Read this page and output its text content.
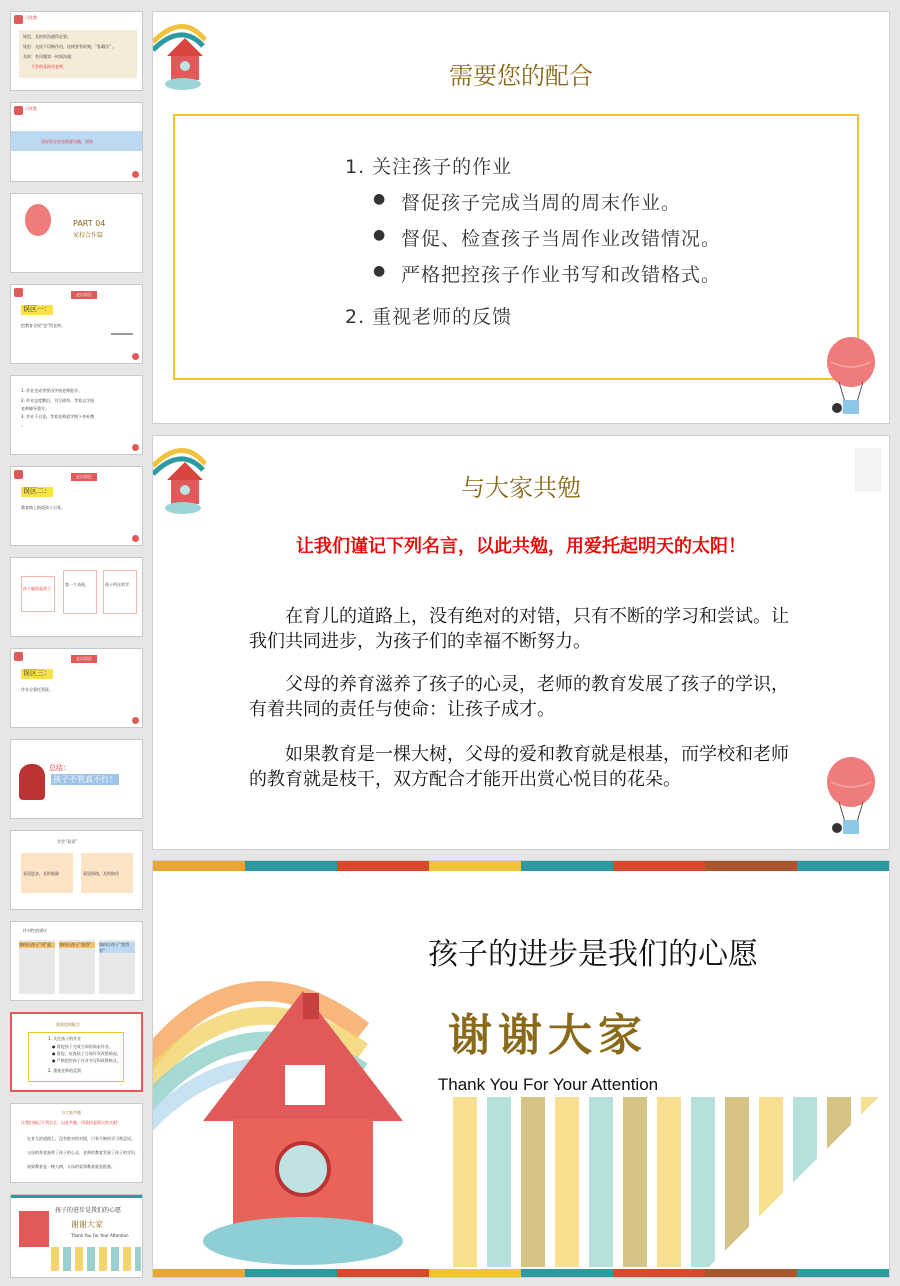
习优教
规范，及时的沟通得必要。
规范：交流不切断作用，连续要有时刻，”私聊法” 。
及时：有问题第一时间沟通；
不会的及时问老师。
习优教
再好的方法也需要实践，坚持
PART 04
家校合作篇
走出误区
误区一：
把教育全权“包”给老师。
1. 作业完成等要由学校老师批评。
2. 作业态度敷衍，书写潦草，等着去学校
老师辅导重写。
3. 作业不自觉，等着老师追学窗下来补缴
。
走出误区
误区二：
教育路上指望孩子自觉。
孩子偏误是孩子
第一个表现，	孩子所在的学
走出误区
误区三：
作业全靠托管班。
总结：
孩子不管真不行！
学会“看见”
看见进步，及时鼓励	看见情绪，及时陪伴
针对性的建议
如何让孩子“动”起	如何让孩子“变得”	如何让孩子“变得有”
需要您的配合
1. 关注孩子的作业
● 督促孩子完成当周的周末作业。
● 督促、检查孩子当周作业改错情况。
● 严格把控孩子作业书写和改错格式。
2. 重视老师的反馈
与大家共勉
让我们谨记下列名言，以此共勉，用爱托起明天的太阳！
在育儿的道路上，没有绝对的对错，只有不断的学习和尝试。
父母的养育滋养了孩子的心灵，老师的教育发展了孩子的学识。
如果教育是一棵大树，父母的爱和教育就是根基。
孩子的进步是我们的心愿
谢谢大家
Thank You For Your Attention
需要您的配合
1. 关注孩子的作业
● 督促孩子完成当周的周末作业。
● 督促、检查孩子当周作业改错情况。
● 严格把控孩子作业书写和改错格式。
2. 重视老师的反馈
与大家共勉
让我们谨记下列名言，以此共勉，用爱托起明天的太阳！
在育儿的道路上，没有绝对的对错，只有不断的学习和尝试。让我们共同进步，为孩子们的幸福不断努力。
父母的养育滋养了孩子的心灵，老师的教育发展了孩子的学识，有着共同的责任与使命：让孩子成才。
如果教育是一棵大树，父母的爱和教育就是根基，而学校和老师的教育就是枝干，双方配合才能开出赏心悦目的花朵。
孩子的进步是我们的心愿
谢谢大家
Thank You For Your Attention
